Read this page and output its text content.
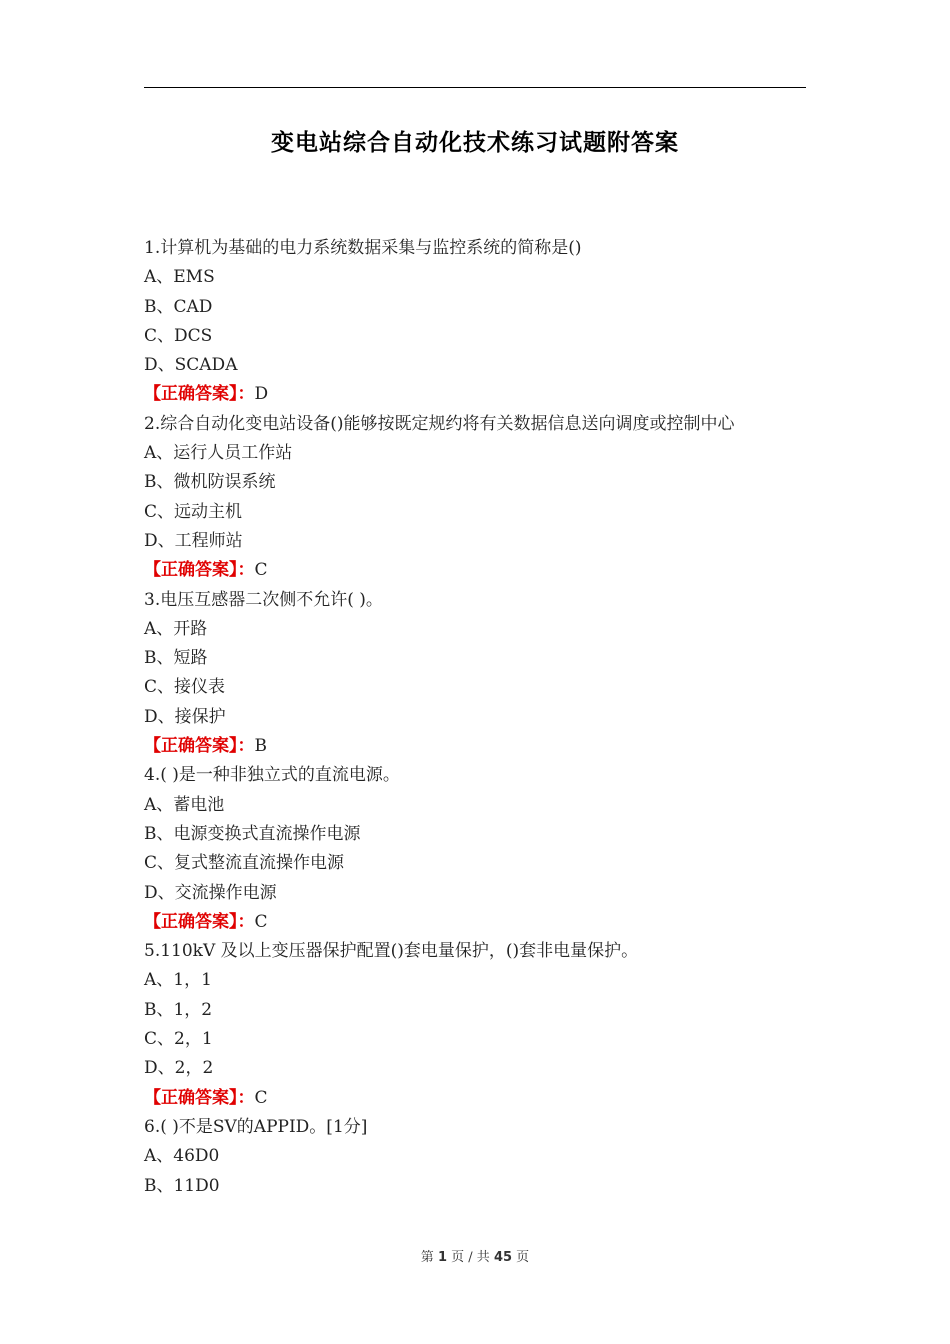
变电站综合自动化技术练习试题附答案
1.计算机为基础的电力系统数据采集与监控系统的简称是()
A、EMS
B、CAD
C、DCS
D、SCADA
【正确答案】：D
2.综合自动化变电站设备()能够按既定规约将有关数据信息送向调度或控制中心
A、运行人员工作站
B、微机防误系统
C、远动主机
D、工程师站
【正确答案】：C
3.电压互感器二次侧不允许( )。
A、开路
B、短路
C、接仪表
D、接保护
【正确答案】：B
4.( )是一种非独立式的直流电源。
A、蓄电池
B、电源变换式直流操作电源
C、复式整流直流操作电源
D、交流操作电源
【正确答案】：C
5.110kV 及以上变压器保护配置()套电量保护，()套非电量保护。
A、1，1
B、1，2
C、2，1
D、2，2
【正确答案】：C
6.( )不是SV的APPID。[1分]
A、46D0
B、11D0
第 1 页 / 共 45 页
